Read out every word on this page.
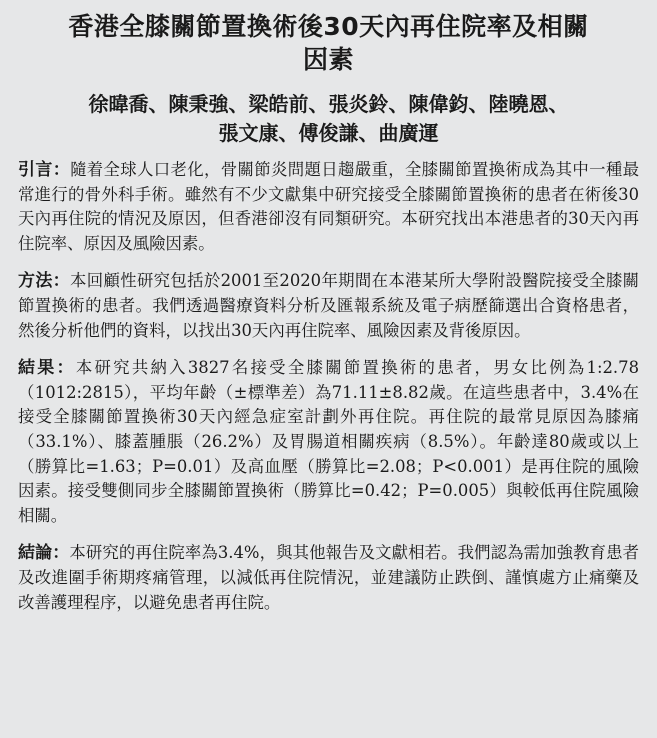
香港全膝關節置換術後30天內再住院率及相關
因素
徐暐喬、陳秉強、梁皓前、張炎鈴、陳偉鈞、陸曉恩、
張文康、傅俊謙、曲廣運

引言：隨着全球人口老化，骨關節炎問題日趨嚴重，全膝關節置換術成為其中一種最常進行的骨外科手術。雖然有不少文獻集中研究接受全膝關節置換術的患者在術後30天內再住院的情況及原因，但香港卻沒有同類研究。本研究找出本港患者的30天內再住院率、原因及風險因素。

方法：本回顧性研究包括於2001至2020年期間在本港某所大學附設醫院接受全膝關節置換術的患者。我們透過醫療資料分析及匯報系統及電子病歷篩選出合資格患者，然後分析他們的資料，以找出30天內再住院率、風險因素及背後原因。

結果：本研究共納入3827名接受全膝關節置換術的患者，男女比例為1:2.78（1012:2815），平均年齡（±標準差）為71.11±8.82歲。在這些患者中，3.4%在接受全膝關節置換術30天內經急症室計劃外再住院。再住院的最常見原因為膝痛（33.1%）、膝蓋腫脹（26.2%）及胃腸道相關疾病（8.5%）。年齡達80歲或以上（勝算比=1.63；P=0.01）及高血壓（勝算比=2.08；P<0.001）是再住院的風險因素。接受雙側同步全膝關節置換術（勝算比=0.42；P=0.005）與較低再住院風險相關。

結論：本研究的再住院率為3.4%，與其他報告及文獻相若。我們認為需加強教育患者及改進圍手術期疼痛管理，以減低再住院情況，並建議防止跌倒、謹慎處方止痛藥及改善護理程序，以避免患者再住院。
